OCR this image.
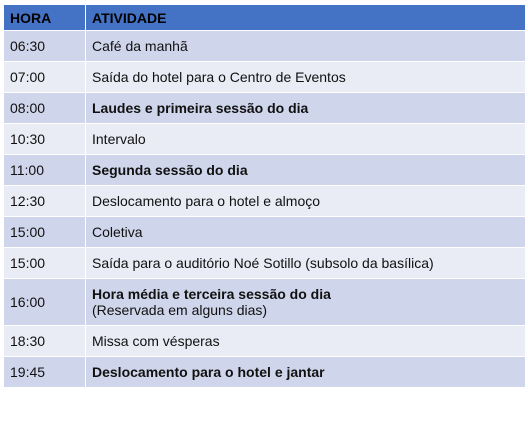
HORA	ATIVIDADE
06:30	Café da manhã
07:00	Saída do hotel para o Centro de Eventos
08:00	Laudes e primeira sessão do dia
10:30	Intervalo
11:00	Segunda sessão do dia
12:30	Deslocamento para o hotel e almoço
15:00	Coletiva
15:00	Saída para o auditório Noé Sotillo (subsolo da basílica)
16:00	Hora média e terceira sessão do dia
(Reservada em alguns dias)

18:30	Missa com vésperas
19:45	Deslocamento para o hotel e jantar
